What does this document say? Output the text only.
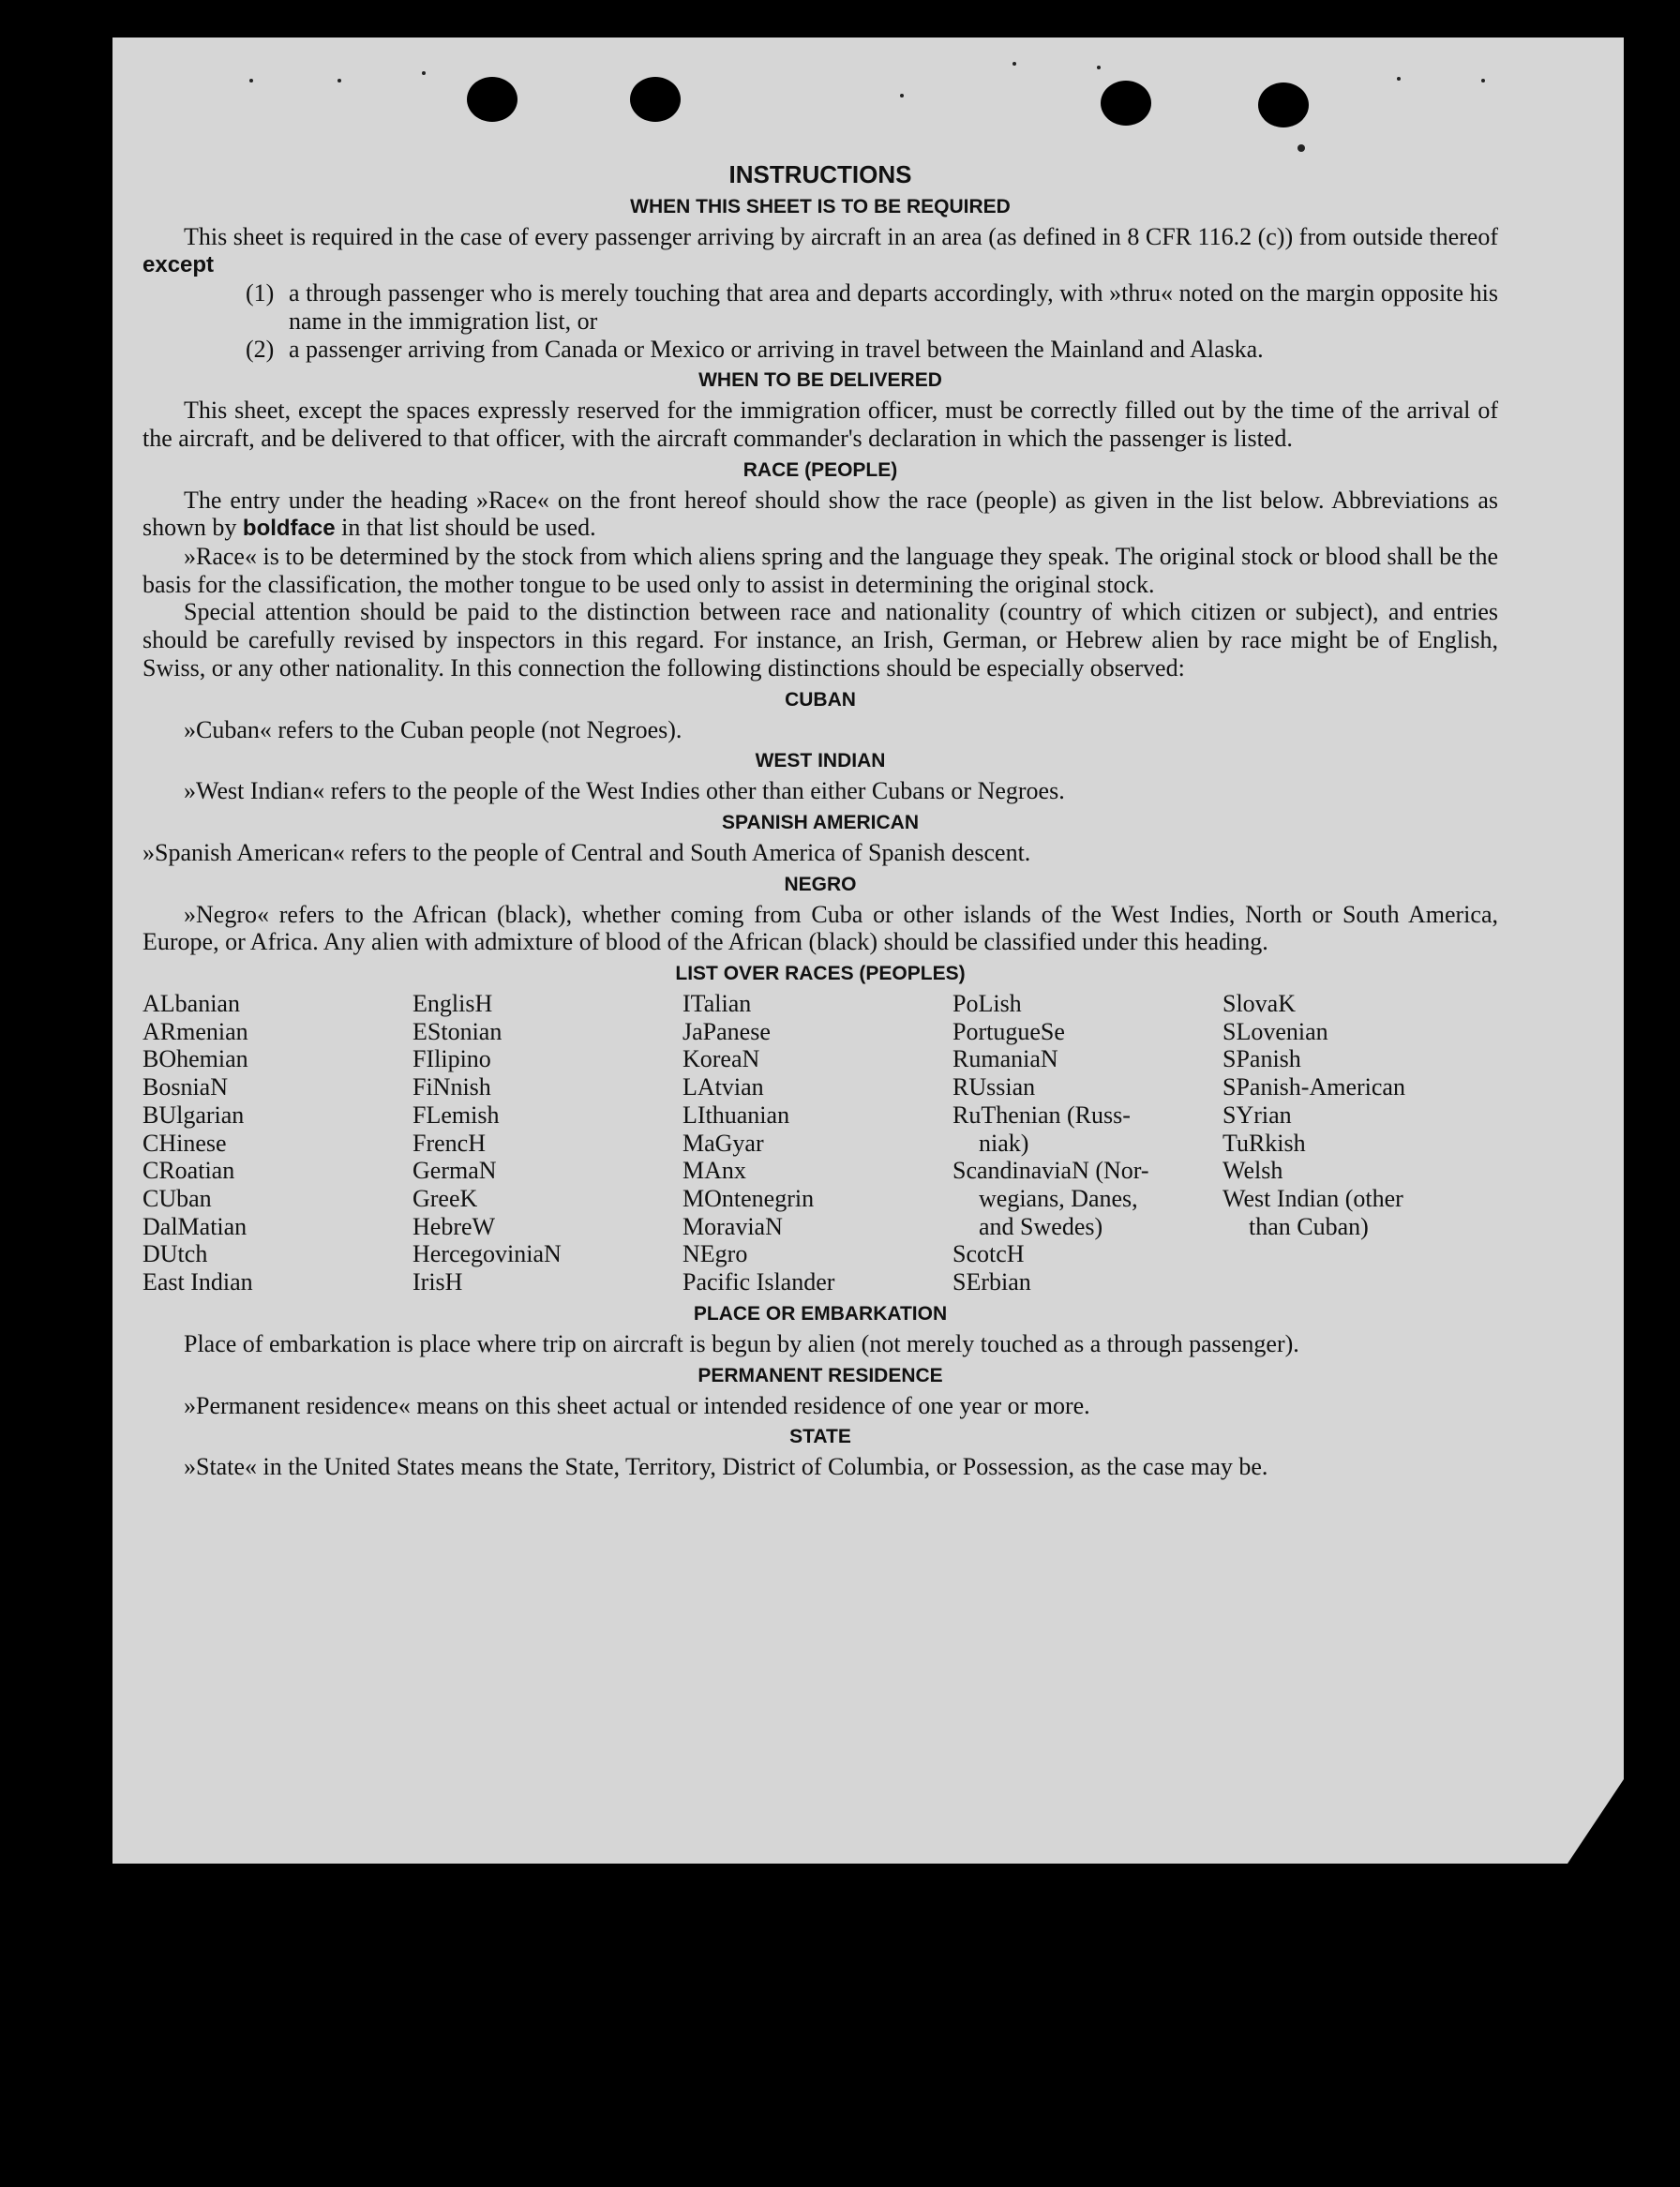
INSTRUCTIONS
WHEN THIS SHEET IS TO BE REQUIRED

This sheet is required in the case of every passenger arriving by aircraft in an area (as defined in 8 CFR 116.2 (c)) from outside thereof except

(1) a through passenger who is merely touching that area and departs accordingly, with »thru« noted on the margin opposite his name in the immigration list, or
(2) a passenger arriving from Canada or Mexico or arriving in travel between the Mainland and Alaska.
WHEN TO BE DELIVERED

This sheet, except the spaces expressly reserved for the immigration officer, must be correctly filled out by the time of the arrival of the aircraft, and be delivered to that officer, with the aircraft commander's declaration in which the passenger is listed.

RACE (PEOPLE)

The entry under the heading »Race« on the front hereof should show the race (people) as given in the list below. Abbreviations as shown by boldface in that list should be used.

»Race« is to be determined by the stock from which aliens spring and the language they speak. The original stock or blood shall be the basis for the classification, the mother tongue to be used only to assist in determining the original stock.

Special attention should be paid to the distinction between race and nationality (country of which citizen or subject), and entries should be carefully revised by inspectors in this regard. For instance, an Irish, German, or Hebrew alien by race might be of English, Swiss, or any other nationality. In this connection the following distinctions should be especially observed:

CUBAN

»Cuban« refers to the Cuban people (not Negroes).

WEST INDIAN

»West Indian« refers to the people of the West Indies other than either Cubans or Negroes.

SPANISH AMERICAN

»Spanish American« refers to the people of Central and South America of Spanish descent.

NEGRO

»Negro« refers to the African (black), whether coming from Cuba or other islands of the West Indies, North or South America, Europe, or Africa. Any alien with admixture of blood of the African (black) should be classified under this heading.

LIST OVER RACES (PEOPLES)
ALbanian
ARmenian
BOhemian
BosniaN
BUlgarian
CHinese
CRoatian
CUban
DalMatian
DUtch
East Indian
EnglisH
EStonian
FIlipino
FiNnish
FLemish
FrencH
GermaN
GreeK
HebreW
HercegoviniaN
IrisH
ITalian
JaPanese
KoreaN
LAtvian
LIthuanian
MaGyar
MAnx
MOntenegrin
MoraviaN
NEgro
Pacific Islander
PoLish
PortugueSe
RumaniaN
RUssian
RuThenian (Russ-
niak)
ScandinaviaN (Nor-
wegians, Danes,
and Swedes)
ScotcH
SErbian
SlovaK
SLovenian
SPanish
SPanish-American
SYrian
TuRkish
Welsh
West Indian (other
than Cuban)
PLACE OR EMBARKATION

Place of embarkation is place where trip on aircraft is begun by alien (not merely touched as a through passenger).

PERMANENT RESIDENCE

»Permanent residence« means on this sheet actual or intended residence of one year or more.

STATE

»State« in the United States means the State, Territory, District of Columbia, or Possession, as the case may be.
